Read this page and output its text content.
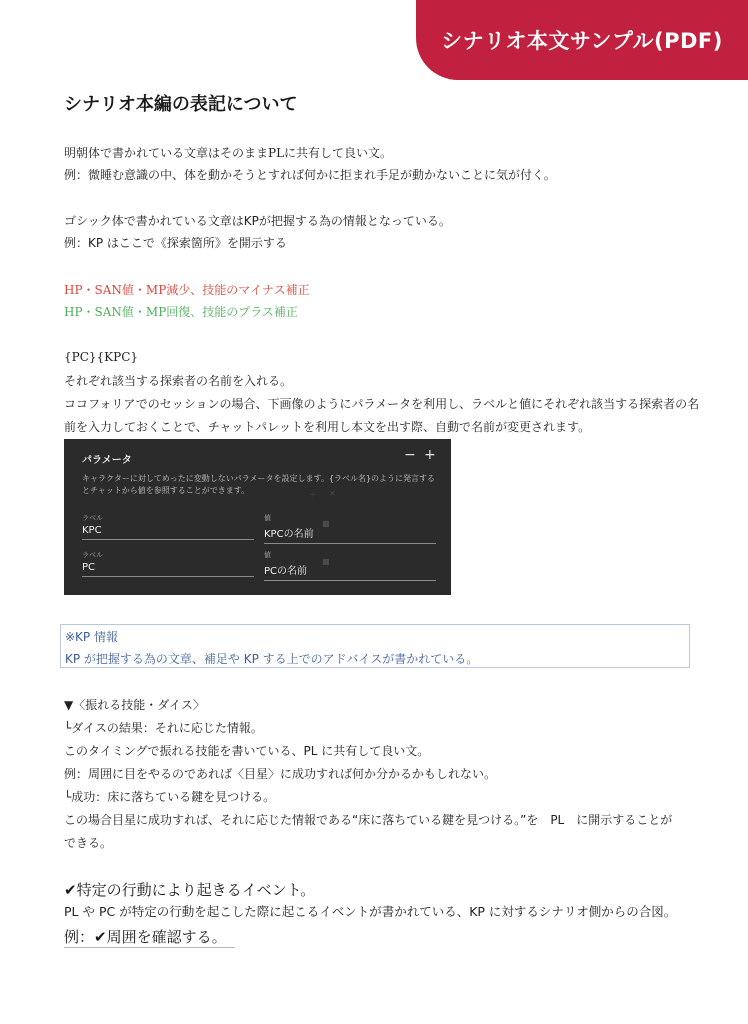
シナリオ本文サンプル(PDF)
シナリオ本編の表記について
明朝体で書かれている文章はそのままPLに共有して良い文。
例：微睡む意識の中、体を動かそうとすれば何かに拒まれ手足が動かないことに気が付く。
ゴシック体で書かれている文章はKPが把握する為の情報となっている。
例：KP はここで《探索箇所》を開示する
HP・SAN値・MP減少、技能のマイナス補正
HP・SAN値・MP回復、技能のプラス補正
{PC}{KPC}
それぞれ該当する探索者の名前を入れる。
ココフォリアでのセッションの場合、下画像のようにパラメータを利用し、ラベルと値にそれぞれ該当する探索者の名
前を入力しておくことで、チャットパレットを利用し本文を出す際、自動で名前が変更されます。
パラメータ	− +
キャラクターに対してめったに変動しないパラメータを設定します。{ラベル名}のように発言するとチャットから値を参照することができます。	＋ ✕
■
■
ラベル
KPC
値
KPCの名前
ラベル
PC
値
PCの名前
※KP 情報
KP が把握する為の文章、補足や KP する上でのアドバイスが書かれている。
▼〈振れる技能・ダイス〉
└ダイスの結果：それに応じた情報。
このタイミングで振れる技能を書いている、PL に共有して良い文。
例：周囲に目をやるのであれば〈目星〉に成功すれば何か分かるかもしれない。
└成功：床に落ちている鍵を見つける。
この場合目星に成功すれば、それに応じた情報である“床に落ちている鍵を見つける。”を　PL　に開示することが
できる。
✔特定の行動により起きるイベント。
PL や PC が特定の行動を起こした際に起こるイベントが書かれている、KP に対するシナリオ側からの合図。
例：✔周囲を確認する。
